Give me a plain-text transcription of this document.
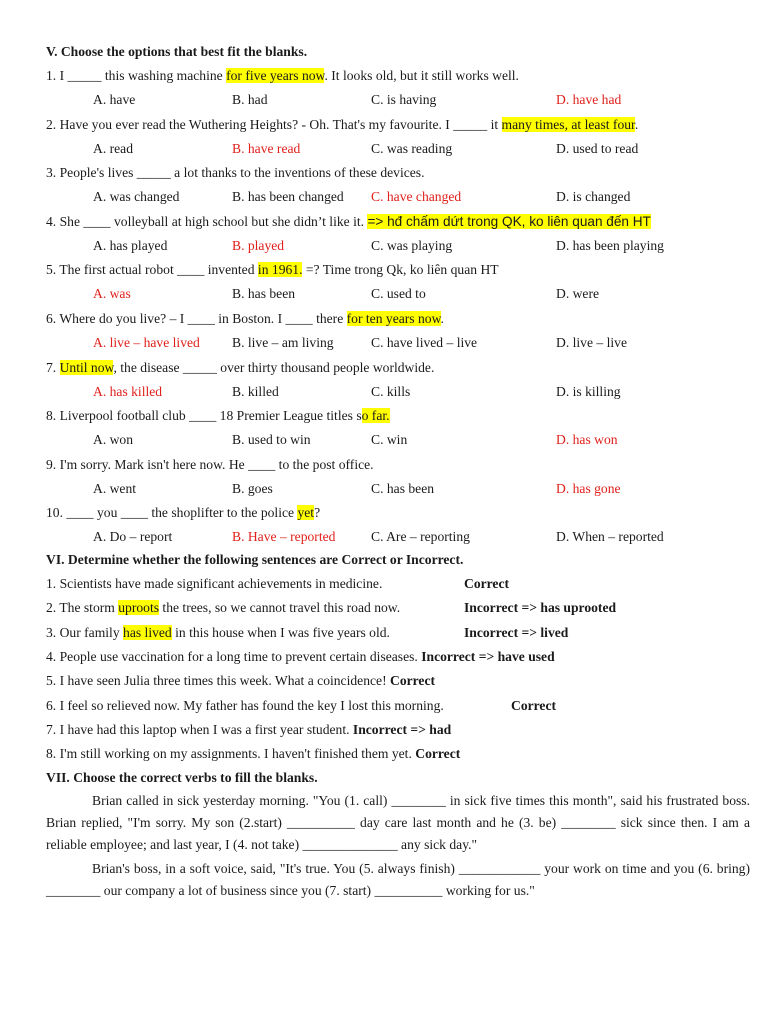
V. Choose the options that best fit the blanks.
1. I _____ this washing machine for five years now. It looks old, but it still works well.
A. have	B. had	C. is having	D. have had
2. Have you ever read the Wuthering Heights? - Oh. That's my favourite. I _____ it many times, at least four.
A. read	B. have read	C. was reading	D. used to read
3. People's lives _____ a lot thanks to the inventions of these devices.
A. was changed	B. has been changed C. have changed	D. is changed
4. She ____ volleyball at high school but she didn’t like it. => hđ chấm dứt trong QK, ko liên quan đến HT
A. has played	B. played	C. was playing	D. has been playing
5. The first actual robot ____ invented in 1961. =? Time trong Qk, ko liên quan HT
A. was	B. has been	C. used to	D. were
6. Where do you live? – I ____ in Boston. I ____ there for ten years now.
A. live – have lived B. live – am living	C. have lived – live	D. live – live
7. Until now, the disease _____ over thirty thousand people worldwide.
A. has killed	B. killed	C. kills	D. is killing
8. Liverpool football club ____ 18 Premier League titles so far.
A. won	B. used to win	C. win	D. has won
9. I'm sorry. Mark isn't here now. He ____ to the post office.
A. went	B. goes	C. has been	D. has gone
10. ____ you ____ the shoplifter to the police yet?
A. Do – report	B. Have – reported	C. Are – reporting	D. When – reported
VI. Determine whether the following sentences are Correct or Incorrect.
1. Scientists have made significant achievements in medicine.	Correct
2. The storm uproots the trees, so we cannot travel this road now.	Incorrect => has uprooted
3. Our family has lived in this house when I was five years old.	Incorrect => lived
4. People use vaccination for a long time to prevent certain diseases. Incorrect => have used
5. I have seen Julia three times this week. What a coincidence! Correct
6. I feel so relieved now. My father has found the key I lost this morning.	Correct
7. I have had this laptop when I was a first year student. Incorrect => had
8. I'm still working on my assignments. I haven't finished them yet. Correct
VII. Choose the correct verbs to fill the blanks.
Brian called in sick yesterday morning. "You (1. call) ________ in sick five times this month", said his frustrated boss. Brian replied, "I'm sorry. My son (2.start) __________ day care last month and he (3. be) ________ sick since then. I am a reliable employee; and last year, I (4. not take) ______________ any sick day."
Brian's boss, in a soft voice, said, "It's true. You (5. always finish) ____________ your work on time and you (6. bring) ________ our company a lot of business since you (7. start) __________ working for us."
